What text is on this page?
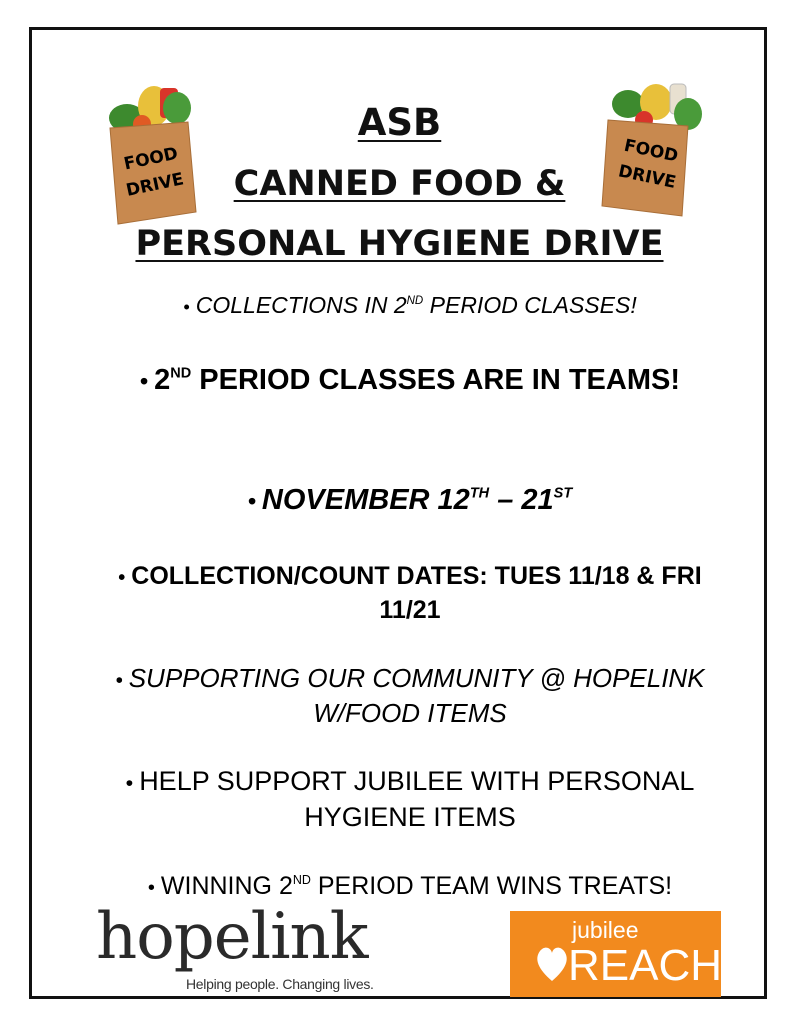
FOOD
DRIVE
FOOD
DRIVE
ASB
CANNED FOOD &
PERSONAL HYGIENE DRIVE
• COLLECTIONS IN 2ND PERIOD CLASSES!
• 2ND PERIOD CLASSES ARE IN TEAMS!
• NOVEMBER 12TH – 21ST
• COLLECTION/COUNT DATES: TUES 11/18 & FRI 11/21
• SUPPORTING OUR COMMUNITY @ HOPELINK W/FOOD ITEMS
• HELP SUPPORT JUBILEE WITH PERSONAL HYGIENE ITEMS
• WINNING 2ND PERIOD TEAM WINS TREATS!
hopelink
Helping people. Changing lives.
jubilee
REACH
